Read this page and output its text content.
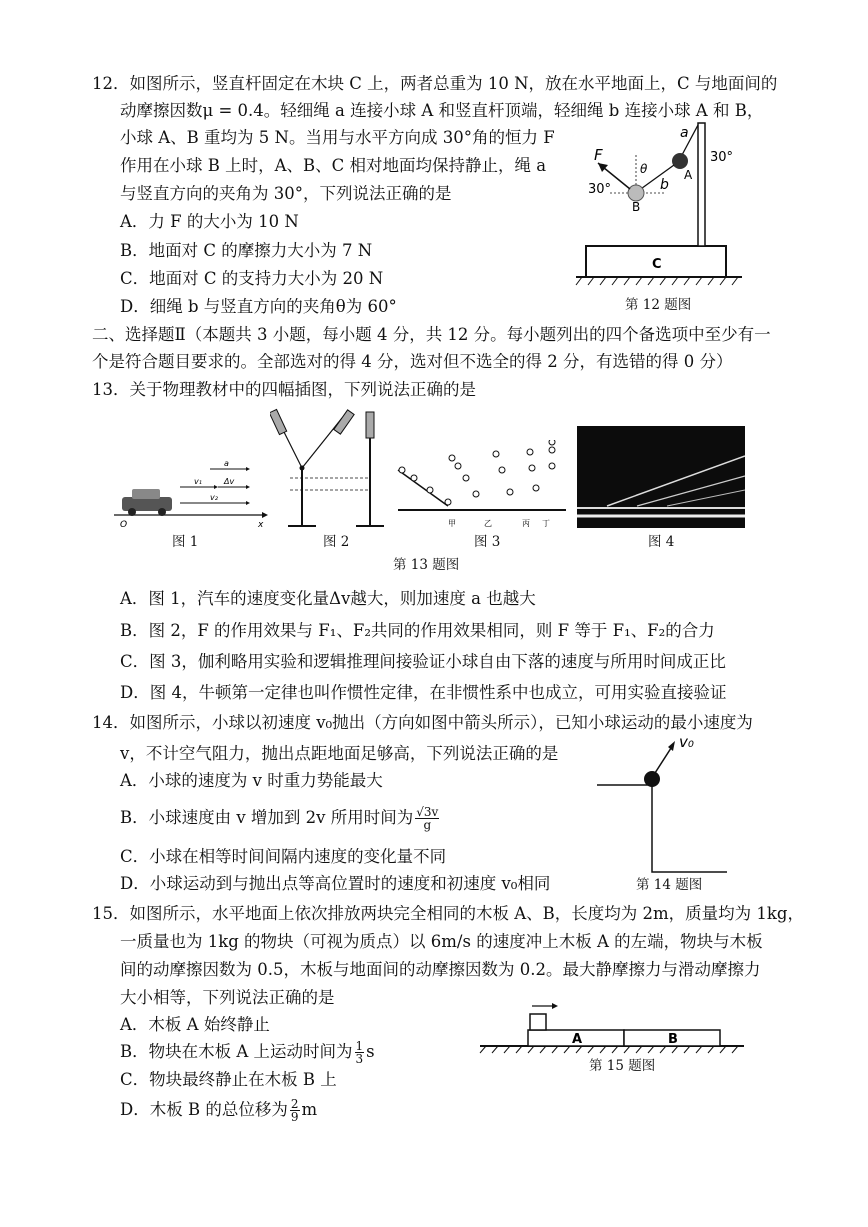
12．如图所示，竖直杆固定在木块 C 上，两者总重为 10 N，放在水平地面上，C 与地面间的
动摩擦因数μ = 0.4。轻细绳 a 连接小球 A 和竖直杆顶端，轻细绳 b 连接小球 A 和 B，
小球 A、B 重均为 5 N。当用与水平方向成 30°角的恒力 F
作用在小球 B 上时，A、B、C 相对地面均保持静止，绳 a
与竖直方向的夹角为 30°，下列说法正确的是
A．力 F 的大小为 10 N
B．地面对 C 的摩擦力大小为 7 N
C．地面对 C 的支持力大小为 20 N
D．细绳 b 与竖直方向的夹角θ为 60°
C
a
30°
A
b
θ
B
F
30°
第 12 题图
二、选择题Ⅱ（本题共 3 小题，每小题 4 分，共 12 分。每小题列出的四个备选项中至少有一
个是符合题目要求的。全部选对的得 4 分，选对但不选全的得 2 分，有选错的得 0 分）
13．关于物理教材中的四幅插图，下列说法正确的是
x
O
a
v₁	Δv
v₂
图 1	图 2
甲	乙	丙 丁
图 3	图 4
第 13 题图
A．图 1，汽车的速度变化量Δv越大，则加速度 a 也越大
B．图 2，F 的作用效果与 F₁、F₂共同的作用效果相同，则 F 等于 F₁、F₂的合力
C．图 3，伽利略用实验和逻辑推理间接验证小球自由下落的速度与所用时间成正比
D．图 4，牛顿第一定律也叫作惯性定律，在非惯性系中也成立，可用实验直接验证
14．如图所示，小球以初速度 v₀抛出（方向如图中箭头所示），已知小球运动的最小速度为
v，不计空气阻力，抛出点距地面足够高，下列说法正确的是
A．小球的速度为 v 时重力势能最大
B．小球速度由 v 增加到 2v 所用时间为 $\frac{√3v}{g}$
C．小球在相等时间间隔内速度的变化量不同
D．小球运动到与抛出点等高位置时的速度和初速度 v₀相同
v₀
第 14 题图
15．如图所示，水平地面上依次排放两块完全相同的木板 A、B，长度均为 2m，质量均为 1kg，
一质量也为 1kg 的物块（可视为质点）以 6m/s 的速度冲上木板 A 的左端，物块与木板
间的动摩擦因数为 0.5，木板与地面间的动摩擦因数为 0.2。最大静摩擦力与滑动摩擦力
大小相等，下列说法正确的是
A．木板 A 始终静止
B．物块在木板 A 上运动时间为 $\frac{1}{3}$ s
C．物块最终静止在木板 B 上
D．木板 B 的总位移为 $\frac{2}{9}$ m
A	B
第 15 题图
